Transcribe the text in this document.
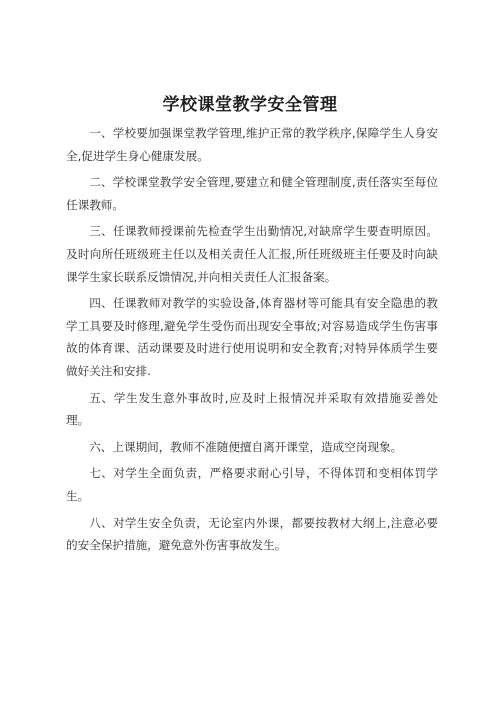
学校课堂教学安全管理

一、学校要加强课堂教学管理,维护正常的教学秩序,保障学生人身安全,促进学生身心健康发展。

二、学校课堂教学安全管理,要建立和健全管理制度,责任落实至每位任课教师。

三、任课教师授课前先检查学生出勤情况,对缺席学生要查明原因。及时向所任班级班主任以及相关责任人汇报,所任班级班主任要及时向缺课学生家长联系反馈情况,并向相关责任人汇报备案。

四、任课教师对教学的实验设备,体育器材等可能具有安全隐患的教学工具要及时修理,避免学生受伤而出现安全事故;对容易造成学生伤害事故的体育课、活动课要及时进行使用说明和安全教育;对特异体质学生要做好关注和安排.

五、学生发生意外事故时,应及时上报情况并采取有效措施妥善处理。

六、上课期间，教师不准随便擅自离开课堂，造成空岗现象。

七、对学生全面负责，严格要求耐心引导，不得体罚和变相体罚学生。

八、对学生安全负责，无论室内外课，都要按教材大纲上,注意必要的安全保护措施，避免意外伤害事故发生。
